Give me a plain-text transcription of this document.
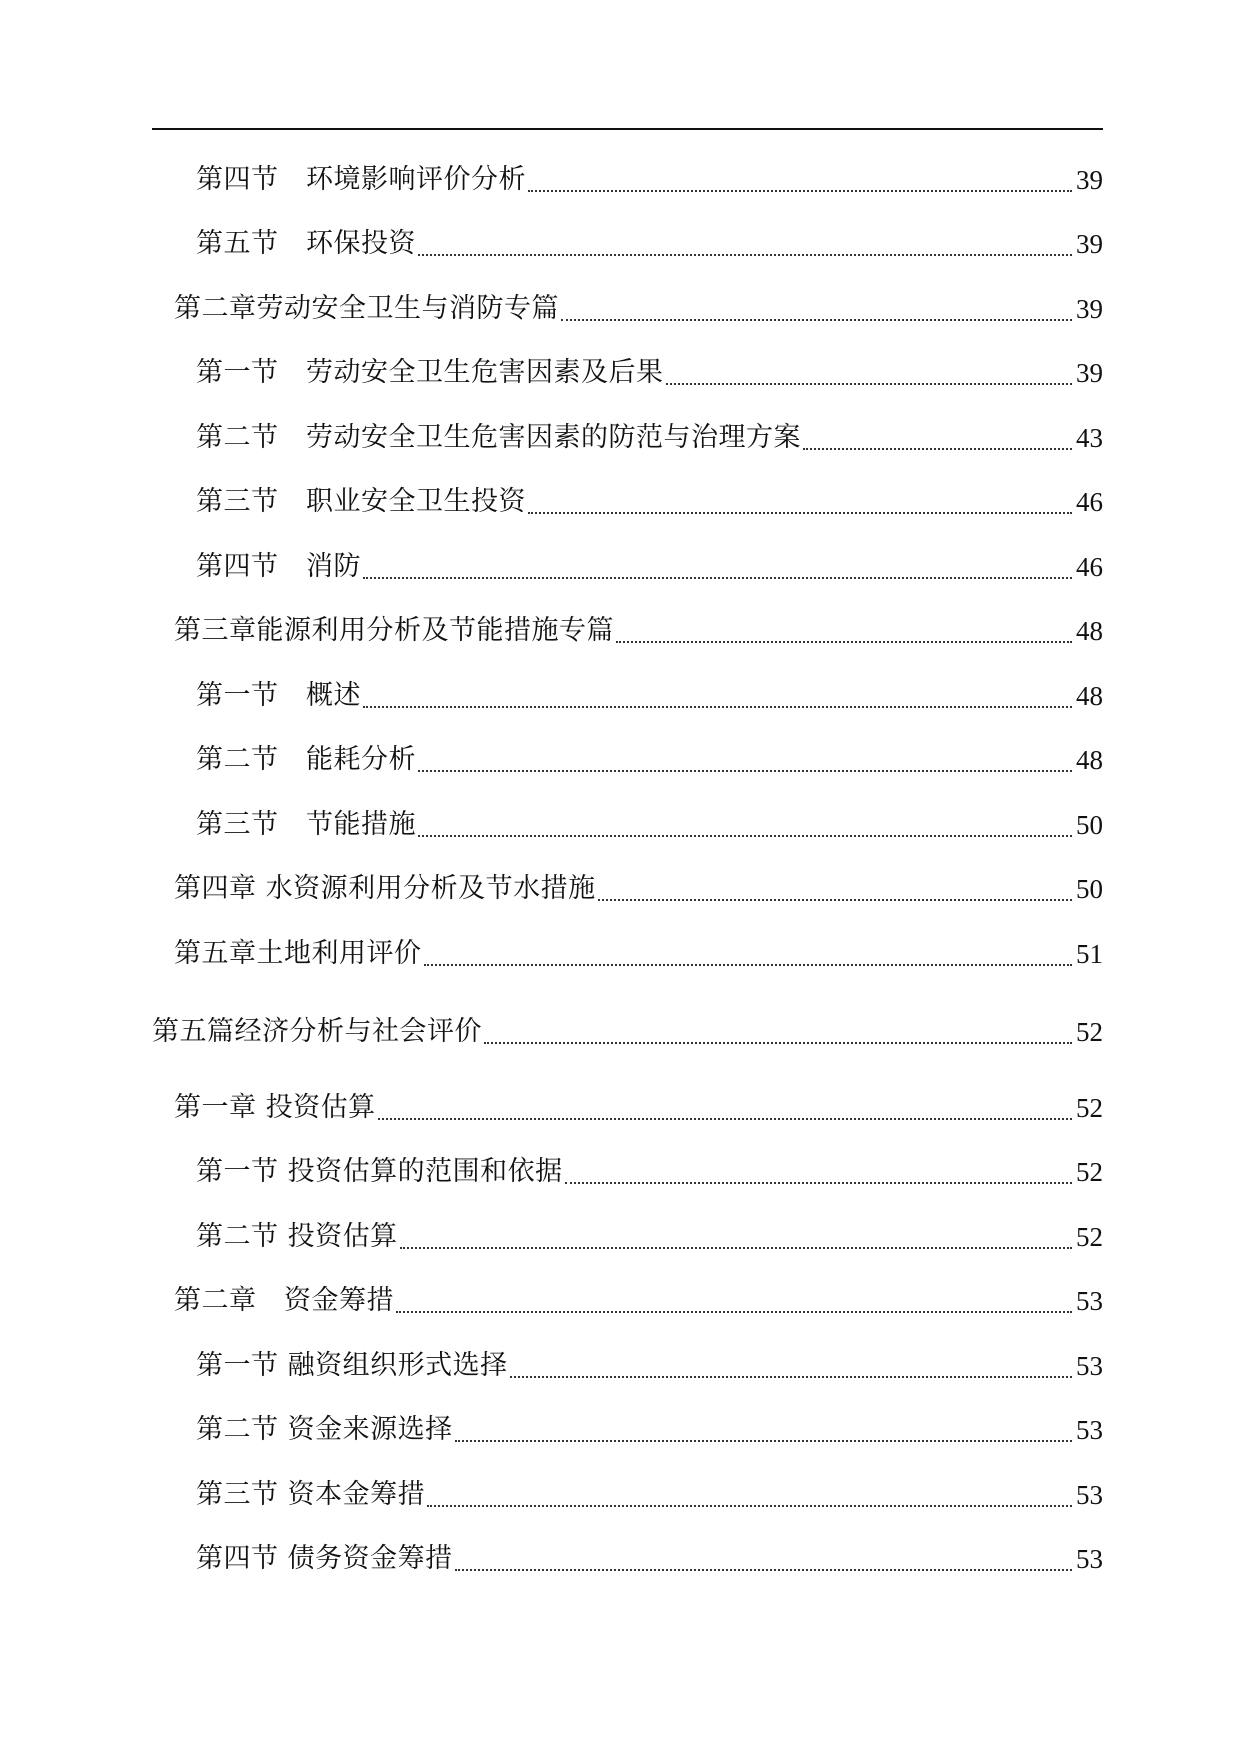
第四节　环境影响评价分析	39
第五节　环保投资	39
第二章劳动安全卫生与消防专篇	39
第一节　劳动安全卫生危害因素及后果	39
第二节　劳动安全卫生危害因素的防范与治理方案	43
第三节　职业安全卫生投资	46
第四节　消防	46
第三章能源利用分析及节能措施专篇	48
第一节　概述	48
第二节　能耗分析	48
第三节　节能措施	50
第四章 水资源利用分析及节水措施	50
第五章土地利用评价	51
第五篇经济分析与社会评价	52
第一章 投资估算	52
第一节 投资估算的范围和依据	52
第二节 投资估算	52
第二章　资金筹措	53
第一节 融资组织形式选择	53
第二节 资金来源选择	53
第三节 资本金筹措	53
第四节 债务资金筹措	53
